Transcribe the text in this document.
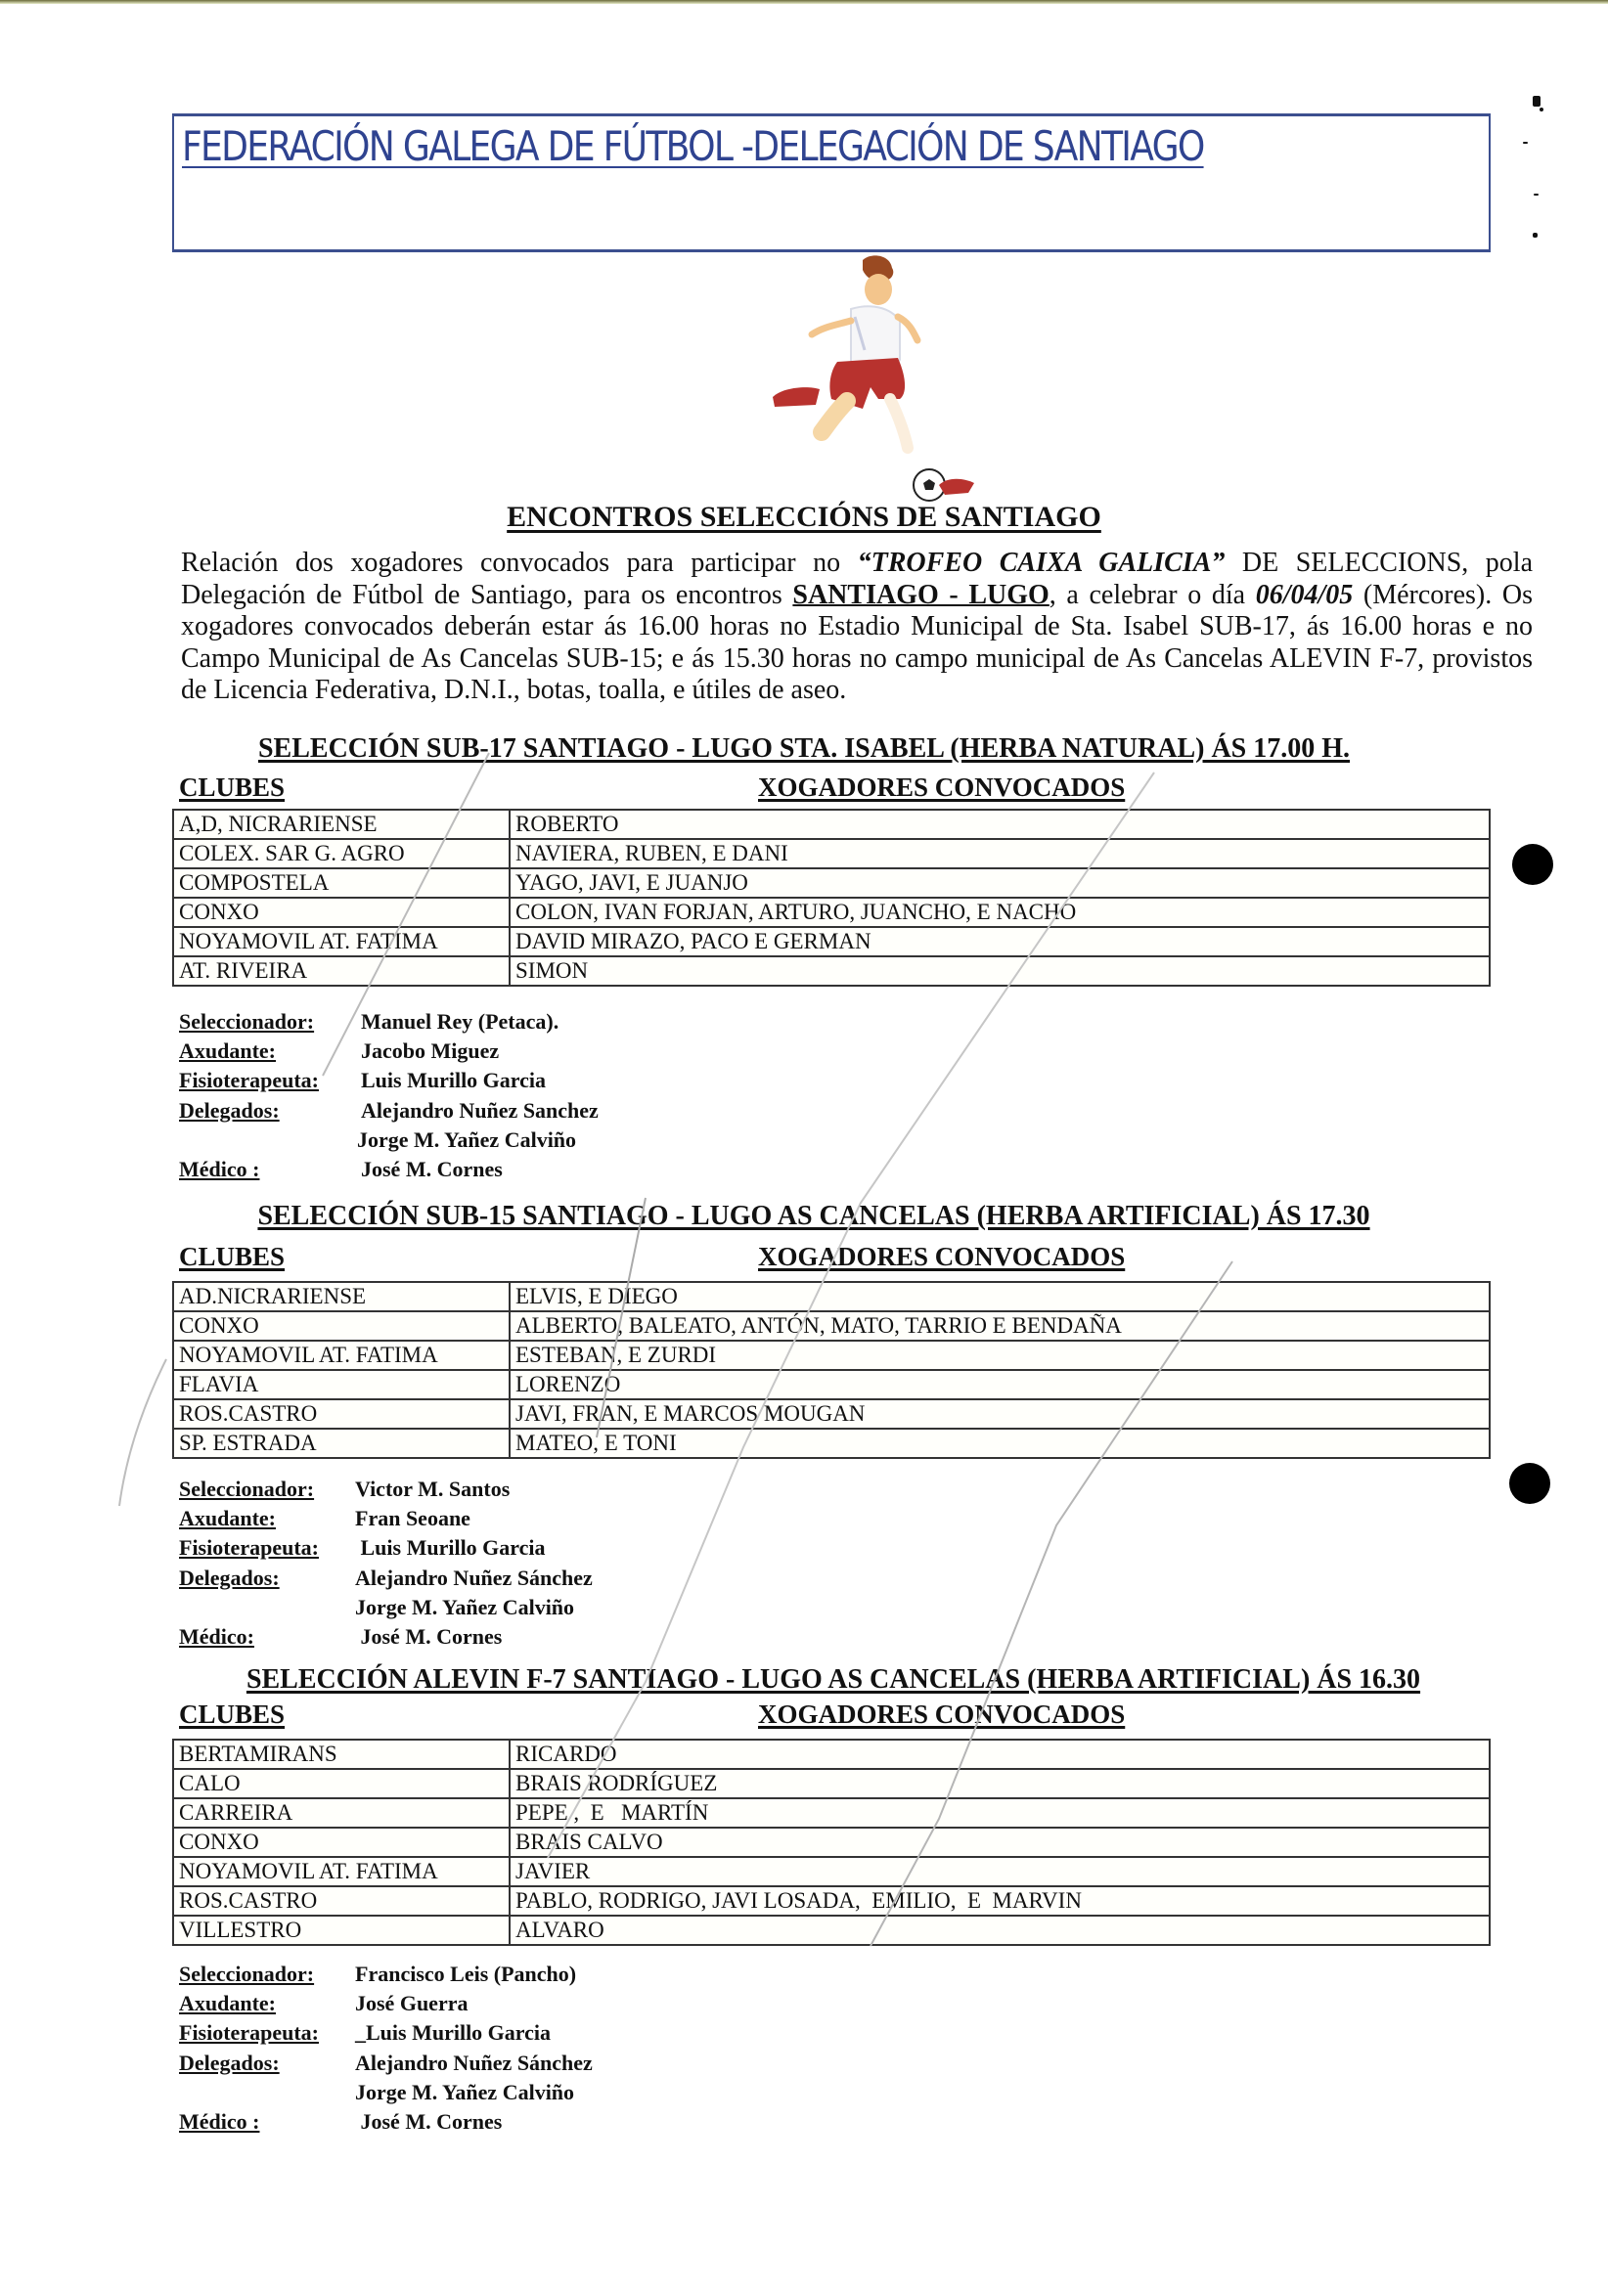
FEDERACIÓN GALEGA DE FÚTBOL -DELEGACIÓN DE SANTIAGO
ENCONTROS SELECCIÓNS DE SANTIAGO

Relación dos xogadores convocados para participar no “TROFEO CAIXA GALICIA” DE SELECCIONS, pola Delegación de Fútbol de Santiago, para os encontros SANTIAGO - LUGO, a celebrar o día 06/04/05 (Mércores). Os xogadores convocados deberán estar ás 16.00 horas no Estadio Municipal de Sta. Isabel SUB-17, ás 16.00 horas e no Campo Municipal de As Cancelas SUB-15; e ás 15.30 horas no campo municipal de As Cancelas ALEVIN F-7, provistos de Licencia Federativa, D.N.I., botas, toalla, e útiles de aseo.

SELECCIÓN SUB-17 SANTIAGO - LUGO STA. ISABEL (HERBA NATURAL) ÁS 17.00 H.
CLUBES	XOGADORES CONVOCADOS
A,D, NICRARIENSE	ROBERTO
COLEX. SAR G. AGRO	NAVIERA, RUBEN, E DANI
COMPOSTELA	YAGO, JAVI, E JUANJO
CONXO	COLON, IVAN FORJAN, ARTURO, JUANCHO, E NACHO
NOYAMOVIL AT. FATIMA	DAVID MIRAZO, PACO E GERMAN
AT. RIVEIRA	SIMON
Seleccionador:	Manuel Rey (Petaca).
Axudante:	Jacobo Miguez
Fisioterapeuta:	Luis Murillo Garcia
Delegados:	Alejandro Nuñez Sanchez
Jorge M. Yañez Calviño
Médico :	José M. Cornes
SELECCIÓN SUB-15 SANTIAGO - LUGO AS CANCELAS (HERBA ARTIFICIAL) ÁS 17.30
CLUBES	XOGADORES CONVOCADOS
AD.NICRARIENSE	ELVIS, E DIEGO
CONXO	ALBERTO, BALEATO, ANTÓN, MATO, TARRIO E BENDAÑA
NOYAMOVIL AT. FATIMA	ESTEBAN, E ZURDI
FLAVIA	LORENZO
ROS.CASTRO	JAVI, FRAN, E MARCOS MOUGAN
SP. ESTRADA	MATEO, E TONI
Seleccionador:	Victor M. Santos
Axudante:	Fran Seoane
Fisioterapeuta:	Luis Murillo Garcia
Delegados:	Alejandro Nuñez Sánchez
Jorge M. Yañez Calviño
Médico:	José M. Cornes
SELECCIÓN ALEVIN F-7 SANTIAGO - LUGO AS CANCELAS (HERBA ARTIFICIAL) ÁS 16.30
CLUBES	XOGADORES CONVOCADOS
BERTAMIRANS	RICARDO
CALO	BRAIS RODRÍGUEZ
CARREIRA	PEPE ,  E   MARTÍN
CONXO	BRAIS CALVO
NOYAMOVIL AT. FATIMA	JAVIER
ROS.CASTRO	PABLO, RODRIGO, JAVI LOSADA,  EMILIO,  E  MARVIN
VILLESTRO	ALVARO
Seleccionador:	Francisco Leis (Pancho)
Axudante:	José Guerra
Fisioterapeuta:	_Luis Murillo Garcia
Delegados:	Alejandro Nuñez Sánchez
Jorge M. Yañez Calviño
Médico :	José M. Cornes
